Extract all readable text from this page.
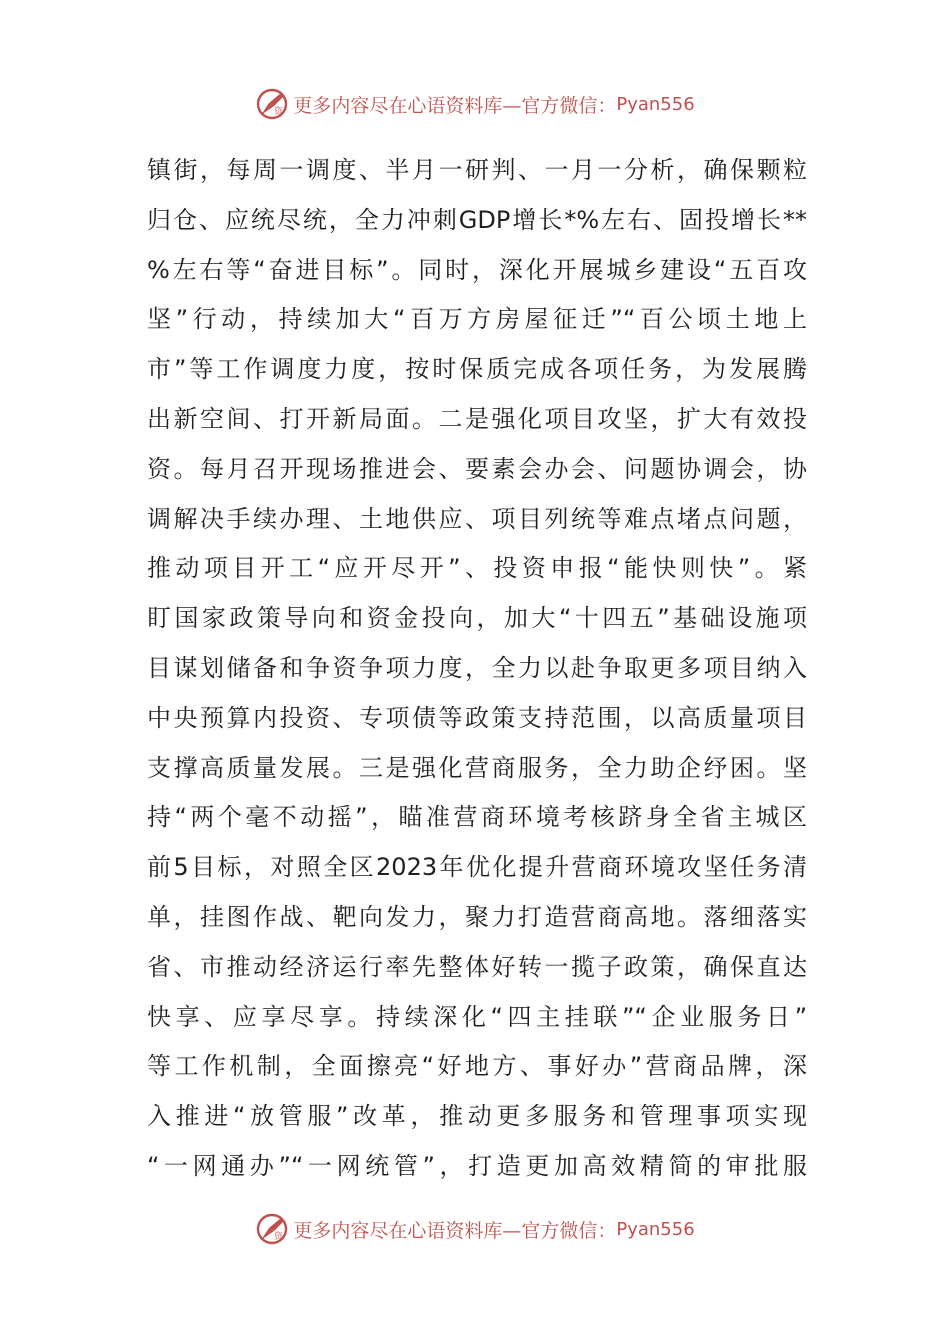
资 更多内容尽在心语资料库—官方微信： Pyan556
镇街，每周一调度、半月一研判、一月一分析，确保颗粒
归仓、应统尽统，全力冲刺GDP增长*%左右、固投增长**
%左右等“奋进目标”。同时，深化开展城乡建设“五百攻
坚”行动，持续加大“百万方房屋征迁”“百公顷土地上
市”等工作调度力度，按时保质完成各项任务，为发展腾
出新空间、打开新局面。二是强化项目攻坚，扩大有效投
资。每月召开现场推进会、要素会办会、问题协调会，协
调解决手续办理、土地供应、项目列统等难点堵点问题，
推动项目开工“应开尽开”、投资申报“能快则快”。紧
盯国家政策导向和资金投向，加大“十四五”基础设施项
目谋划储备和争资争项力度，全力以赴争取更多项目纳入
中央预算内投资、专项债等政策支持范围，以高质量项目
支撑高质量发展。三是强化营商服务，全力助企纾困。坚
持“两个毫不动摇”，瞄准营商环境考核跻身全省主城区
前5目标，对照全区2023年优化提升营商环境攻坚任务清
单，挂图作战、靶向发力，聚力打造营商高地。落细落实
省、市推动经济运行率先整体好转一揽子政策，确保直达
快享、应享尽享。持续深化“四主挂联”“企业服务日”
等工作机制，全面擦亮“好地方、事好办”营商品牌，深
入推进“放管服”改革，推动更多服务和管理事项实现
“一网通办”“一网统管”，打造更加高效精简的审批服
资 更多内容尽在心语资料库—官方微信： Pyan556
